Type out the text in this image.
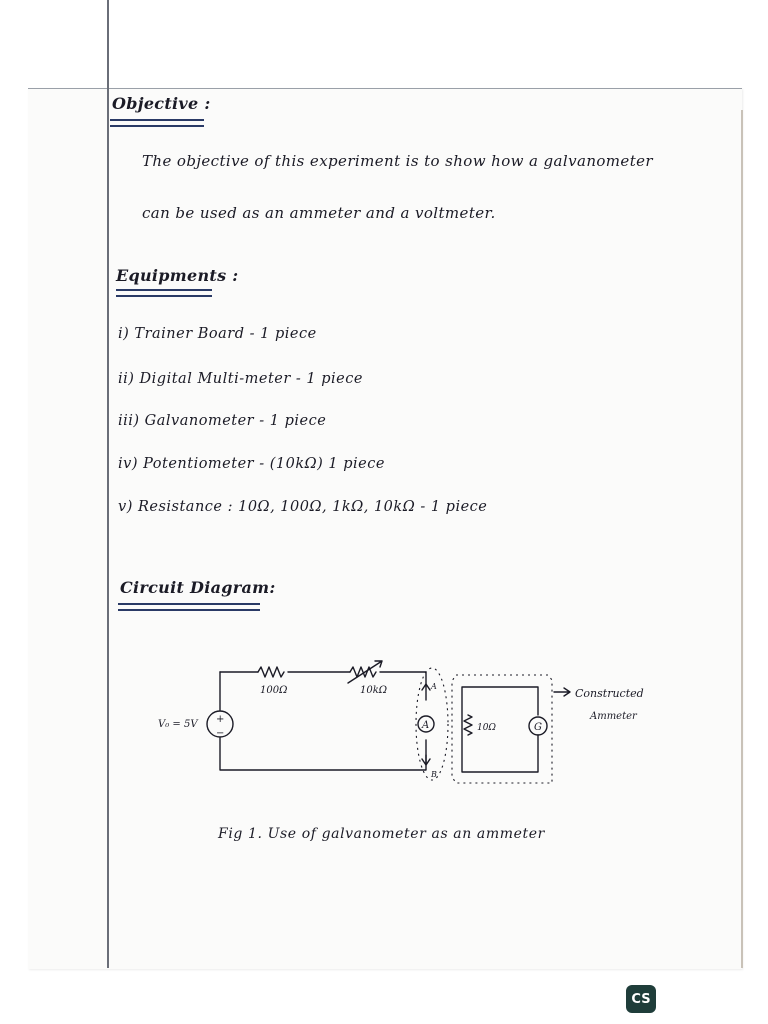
Objective :
The objective of this experiment is to show how a galvanometer
can be used as an ammeter and a voltmeter.
Equipments :
i) Trainer Board - 1 piece
ii) Digital Multi-meter - 1 piece
iii) Galvanometer - 1 piece
iv) Potentiometer - (10kΩ) 1 piece
v) Resistance : 10Ω, 100Ω, 1kΩ, 10kΩ - 1 piece
Circuit Diagram:
100Ω	10kΩ
V₀ = 5V +
−
A
B
A	10Ω	G
Constructed
Ammeter
Fig 1. Use of galvanometer as an ammeter
CS
